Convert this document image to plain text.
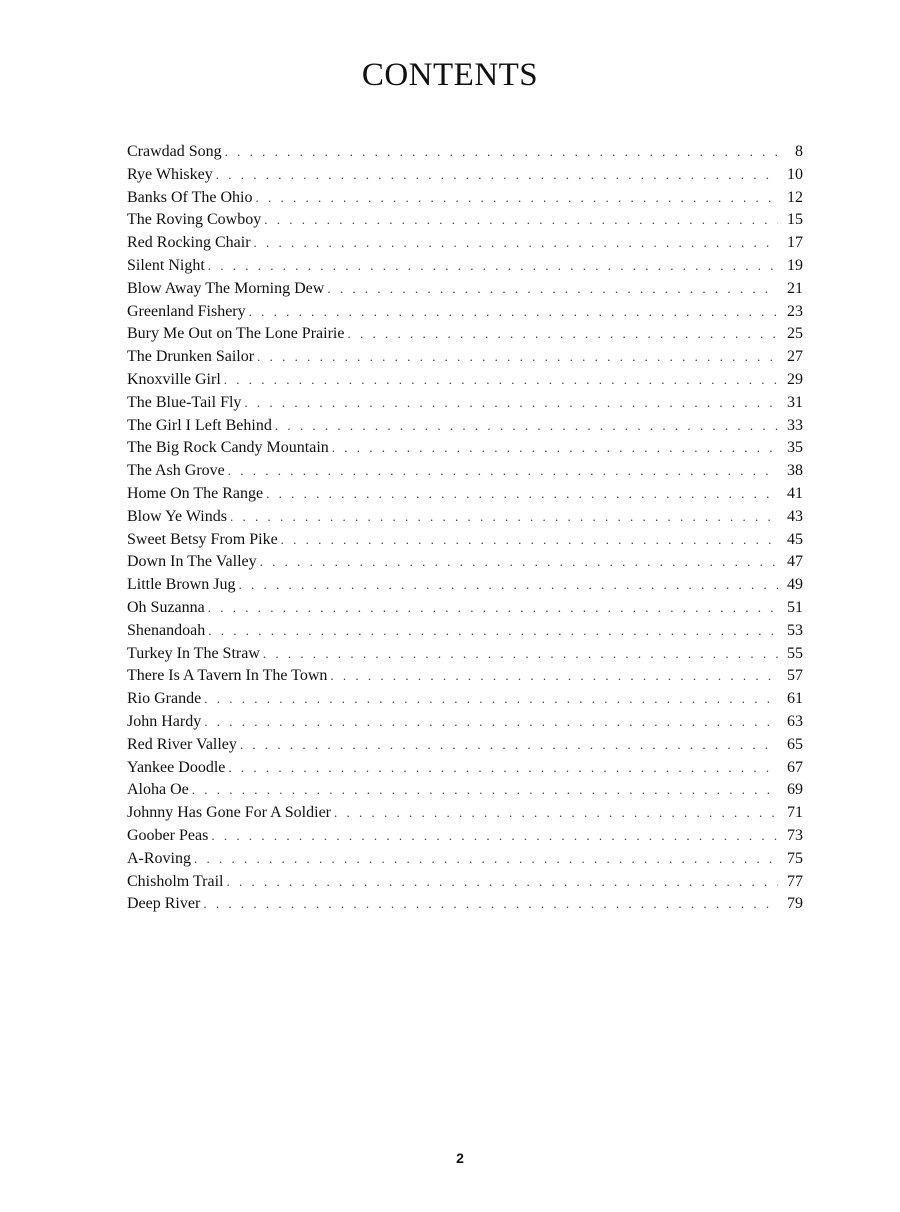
CONTENTS
Crawdad Song . . .	8
Rye Whiskey . . .	10
Banks Of The Ohio . . .	12
The Roving Cowboy . . .	15
Red Rocking Chair . . .	17
Silent Night . . .	19
Blow Away The Morning Dew . . .	21
Greenland Fishery . . .	23
Bury Me Out on The Lone Prairie . . .	25
The Drunken Sailor . . .	27
Knoxville Girl . . .	29
The Blue-Tail Fly . . .	31
The Girl I Left Behind . . .	33
The Big Rock Candy Mountain . . .	35
The Ash Grove . . .	38
Home On The Range . . .	41
Blow Ye Winds . . .	43
Sweet Betsy From Pike . . .	45
Down In The Valley . . .	47
Little Brown Jug . . .	49
Oh Suzanna . . .	51
Shenandoah . . .	53
Turkey In The Straw . . .	55
There Is A Tavern In The Town . . .	57
Rio Grande . . .	61
John Hardy . . .	63
Red River Valley . . .	65
Yankee Doodle . . .	67
Aloha Oe . . .	69
Johnny Has Gone For A Soldier . . .	71
Goober Peas . . .	73
A-Roving . . .	75
Chisholm Trail . . .	77
Deep River . . .	79
2
